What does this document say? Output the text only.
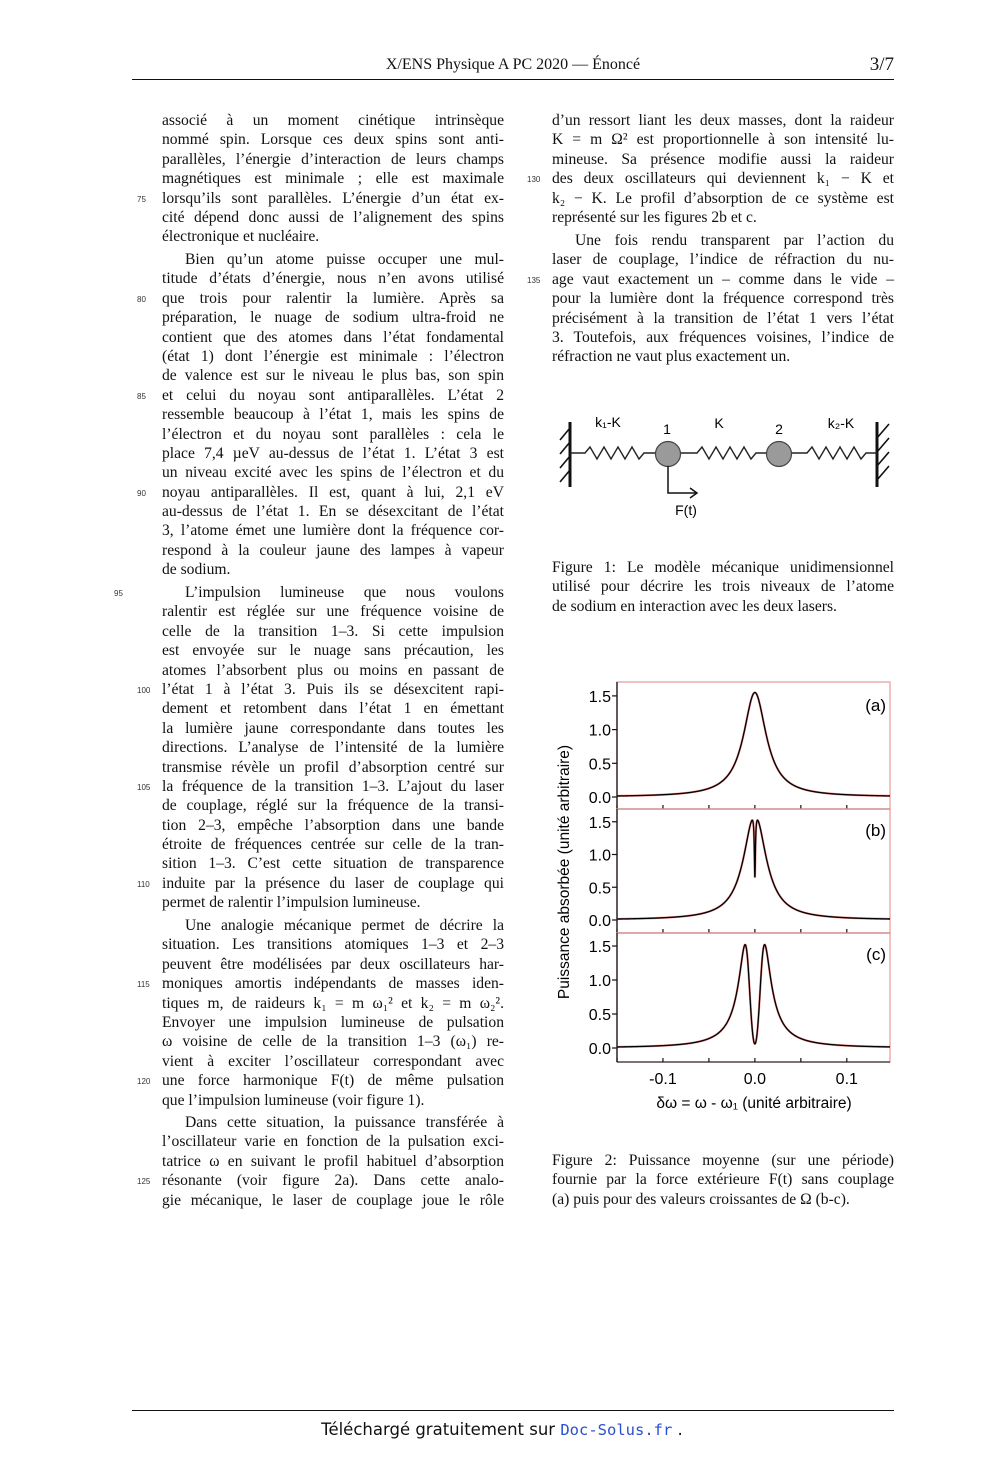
X/ENS Physique A PC 2020 — Énoncé	3/7
associé à un moment cinétique intrinsèque
nommé spin. Lorsque ces deux spins sont anti-
parallèles, l’énergie d’interaction de leurs champs
magnétiques est minimale ; elle est maximale
75 lorsqu’ils sont parallèles. L’énergie d’un état ex-
cité dépend donc aussi de l’alignement des spins
électronique et nucléaire.
Bien qu’un atome puisse occuper une mul-
titude d’états d’énergie, nous n’en avons utilisé
80 que trois pour ralentir la lumière. Après sa
préparation, le nuage de sodium ultra-froid ne
contient que des atomes dans l’état fondamental
(état 1) dont l’énergie est minimale : l’électron
de valence est sur le niveau le plus bas, son spin
85 et celui du noyau sont antiparallèles. L’état 2
ressemble beaucoup à l’état 1, mais les spins de
l’électron et du noyau sont parallèles : cela le
place 7,4 µeV au-dessus de l’état 1. L’état 3 est
un niveau excité avec les spins de l’électron et du
90 noyau antiparallèles. Il est, quant à lui, 2,1 eV
au-dessus de l’état 1. En se désexcitant de l’état
3, l’atome émet une lumière dont la fréquence cor-
respond à la couleur jaune des lampes à vapeur
de sodium.
95	L’impulsion lumineuse que nous voulons
ralentir est réglée sur une fréquence voisine de
celle de la transition 1–3. Si cette impulsion
est envoyée sur le nuage sans précaution, les
atomes l’absorbent plus ou moins en passant de
100 l’état 1 à l’état 3. Puis ils se désexcitent rapi-
dement et retombent dans l’état 1 en émettant
la lumière jaune correspondante dans toutes les
directions. L’analyse de l’intensité de la lumière
transmise révèle un profil d’absorption centré sur
105 la fréquence de la transition 1–3. L’ajout du laser
de couplage, réglé sur la fréquence de la transi-
tion 2–3, empêche l’absorption dans une bande
étroite de fréquences centrée sur celle de la tran-
sition 1–3. C’est cette situation de transparence
110 induite par la présence du laser de couplage qui
permet de ralentir l’impulsion lumineuse.
Une analogie mécanique permet de décrire la
situation. Les transitions atomiques 1–3 et 2–3
peuvent être modélisées par deux oscillateurs har-
115 moniques amortis indépendants de masses iden-
tiques m, de raideurs k₁ = m ω₁² et k₂ = m ω₂².
Envoyer une impulsion lumineuse de pulsation
ω voisine de celle de la transition 1–3 (ω₁) re-
vient à exciter l’oscillateur correspondant avec
120 une force harmonique F(t) de même pulsation
que l’impulsion lumineuse (voir figure 1).
Dans cette situation, la puissance transférée à
l’oscillateur varie en fonction de la pulsation exci-
tatrice ω en suivant le profil habituel d’absorption
125 résonante (voir figure 2a). Dans cette analo-
gie mécanique, le laser de couplage joue le rôle
d’un ressort liant les deux masses, dont la raideur
K = m Ω² est proportionnelle à son intensité lu-
mineuse. Sa présence modifie aussi la raideur
130 des deux oscillateurs qui deviennent k₁ − K et
k₂ − K. Le profil d’absorption de ce système est
représenté sur les figures 2b et c.
Une fois rendu transparent par l’action du
laser de couplage, l’indice de réfraction du nu-
135 age vaut exactement un – comme dans le vide –
pour la lumière dont la fréquence correspond très
précisément à la transition de l’état 1 vers l’état
3. Toutefois, aux fréquences voisines, l’indice de
réfraction ne vaut plus exactement un.
k₁-K	1	K	2	k₂-K
F(t)
Figure 1: Le modèle mécanique unidimensionnel
utilisé pour décrire les trois niveaux de l’atome
de sodium en interaction avec les deux lasers.
Puissance absorbée (unité arbitraire)
δω = ω - ω₁ (unité arbitraire)
0.0
0.5
1.0
1.5	(a)
0.0
0.5
1.0
1.5	(b)
0.0
0.5
1.0
1.5	(c)
-0.1	0.0	0.1
Figure 2: Puissance moyenne (sur une période)
fournie par la force extérieure F(t) sans couplage
(a) puis pour des valeurs croissantes de Ω (b-c).
Téléchargé gratuitement sur Doc-Solus.fr .
